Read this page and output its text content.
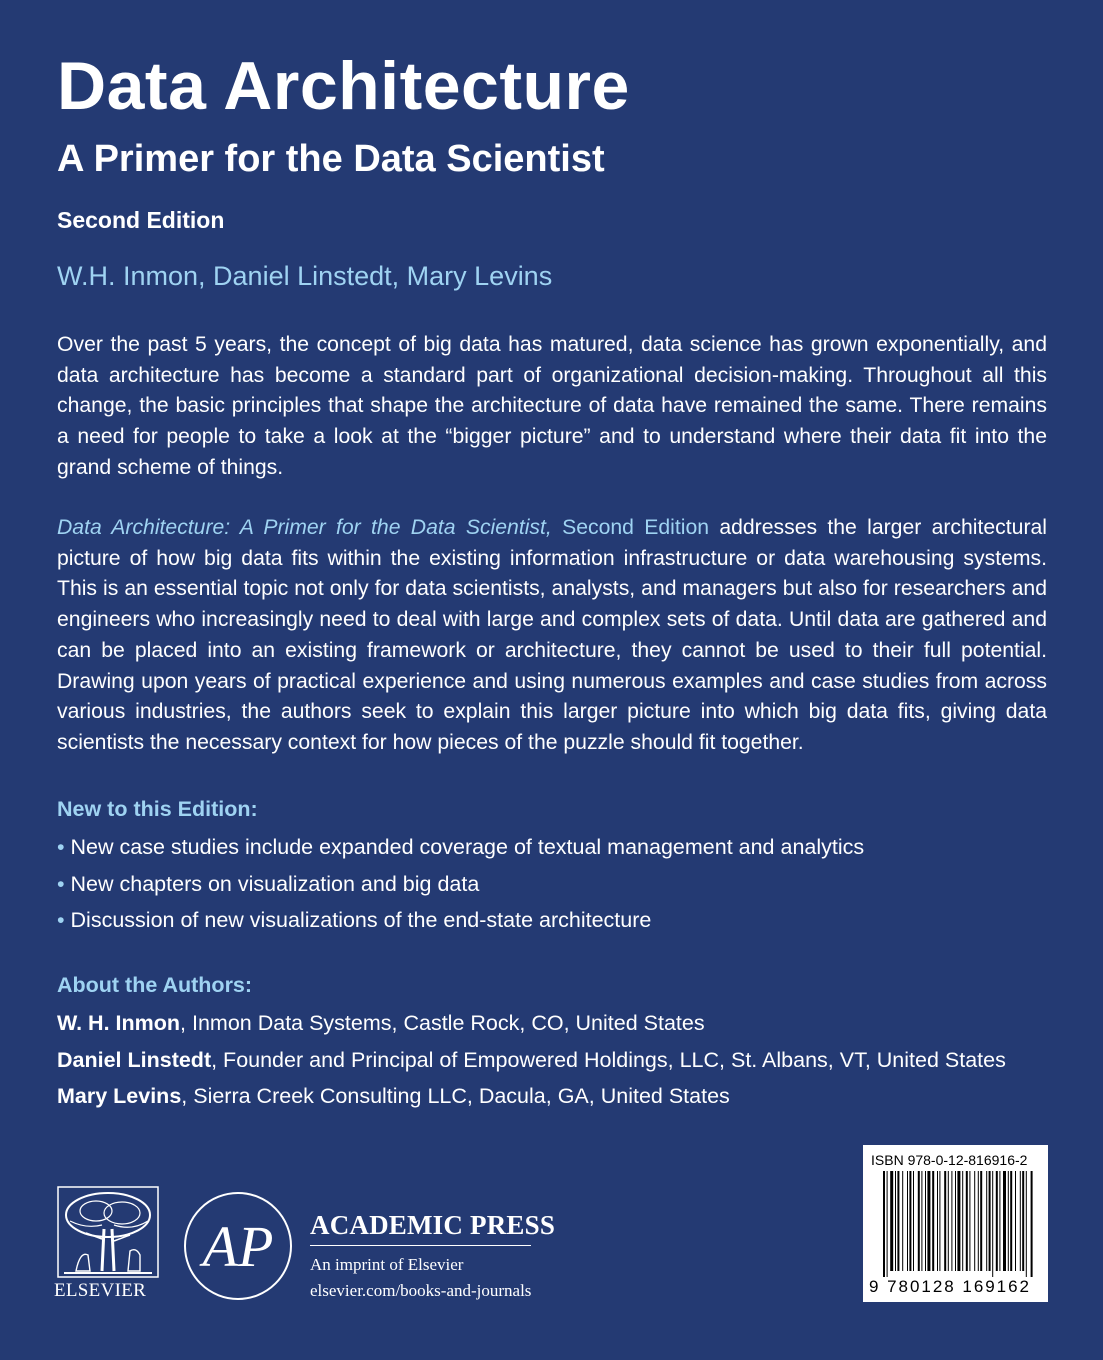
Data Architecture
A Primer for the Data Scientist
Second Edition
W.H. Inmon, Daniel Linstedt, Mary Levins

Over the past 5 years, the concept of big data has matured, data science has grown exponentially, and data architecture has become a standard part of organizational decision-making. Throughout all this change, the basic principles that shape the architecture of data have remained the same. There remains a need for people to take a look at the “bigger picture” and to understand where their data fit into the grand scheme of things.

Data Architecture: A Primer for the Data Scientist, Second Edition addresses the larger architectural picture of how big data fits within the existing information infrastructure or data warehousing systems. This is an essential topic not only for data scientists, analysts, and managers but also for researchers and engineers who increasingly need to deal with large and complex sets of data. Until data are gathered and can be placed into an existing framework or architecture, they cannot be used to their full potential. Drawing upon years of practical experience and using numerous examples and case studies from across various industries, the authors seek to explain this larger picture into which big data fits, giving data scientists the necessary context for how pieces of the puzzle should fit together.

New to this Edition:
• New case studies include expanded coverage of textual management and analytics
• New chapters on visualization and big data
• Discussion of new visualizations of the end-state architecture
About the Authors:
W. H. Inmon, Inmon Data Systems, Castle Rock, CO, United States
Daniel Linstedt, Founder and Principal of Empowered Holdings, LLC, St. Albans, VT, United States
Mary Levins, Sierra Creek Consulting LLC, Dacula, GA, United States
ELSEVIER
AP ACADEMIC PRESS
An imprint of Elsevier
elsevier.com/books-and-journals
ISBN 978-0-12-816916-2
9 780128 169162
